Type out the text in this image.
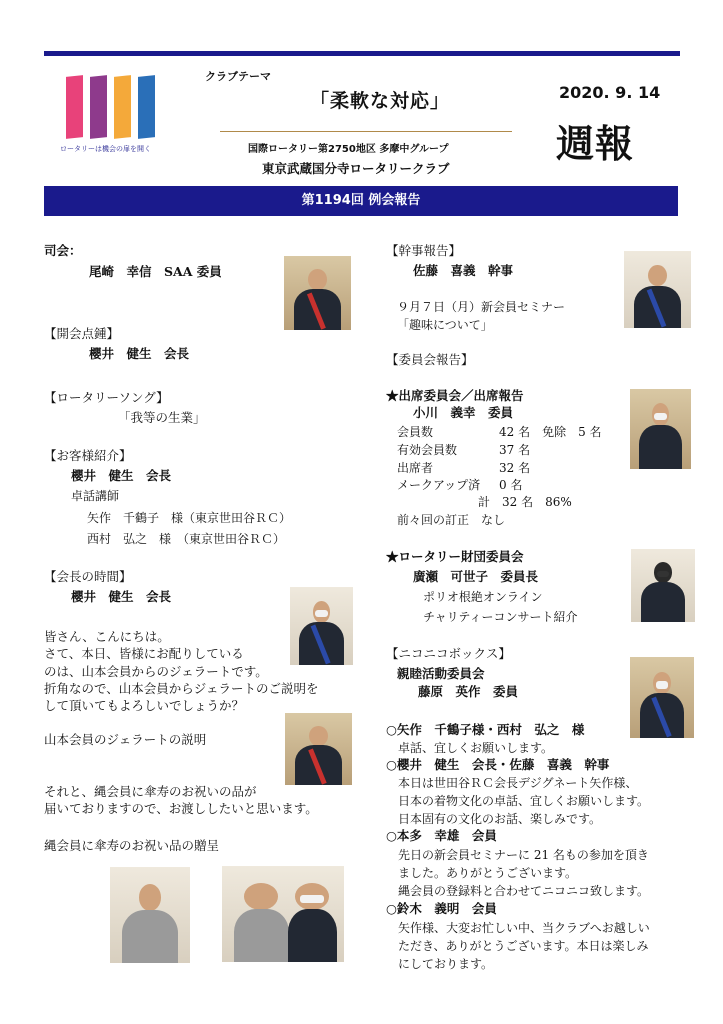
ロータリーは機会の扉を開く
クラブテーマ
「柔軟な対応」	2020. 9. 14
週報
国際ロータリー第2750地区 多摩中グループ
東京武蔵国分寺ロータリークラブ
第1194回 例会報告
司会：
尾崎　幸信　SAA 委員
【開会点鍾】
櫻井　健生　会長
【ロータリーソング】
「我等の生業」
【お客様紹介】
櫻井　健生　会長
卓話講師
矢作　千鶴子　様（東京世田谷ＲＣ）
西村　弘之　様　（東京世田谷ＲＣ）
【会長の時間】
櫻井　健生　会長
皆さん、こんにちは。
さて、本日、皆様にお配りしている
のは、山本会員からのジェラートです。
折角なので、山本会員からジェラートのご説明を
して頂いてもよろしいでしょうか？
山本会員のジェラートの説明
それと、縄会員に傘寿のお祝いの品が
届いておりますので、お渡ししたいと思います。
縄会員に傘寿のお祝い品の贈呈
【幹事報告】
佐藤　喜義　幹事
９月７日（月）新会員セミナー
「趣味について」
【委員会報告】
★出席委員会／出席報告
小川　義幸　委員
会員数	42 名　免除　5 名
有効会員数	37 名
出席者	32 名
メークアップ済 0 名
計　32 名　86%
前々回の訂正　なし
★ロータリー財団委員会
廣瀬　可世子　委員長
ポリオ根絶オンライン
チャリティーコンサート紹介
【ニコニコボックス】
親睦活動委員会
藤原　英作　委員
○矢作　千鶴子様・西村　弘之　様
卓話、宜しくお願いします。
○櫻井　健生　会長・佐藤　喜義　幹事
本日は世田谷ＲＣ会長デジグネート矢作様、
日本の着物文化の卓話、宜しくお願いします。
日本固有の文化のお話、楽しみです。
○本多　幸雄　会員
先日の新会員セミナーに 21 名もの参加を頂き
ました。ありがとうございます。
縄会員の登録料と合わせてニコニコ致します。
○鈴木　義明　会員
矢作様、大変お忙しい中、当クラブへお越しい
ただき、ありがとうございます。本日は楽しみ
にしております。
